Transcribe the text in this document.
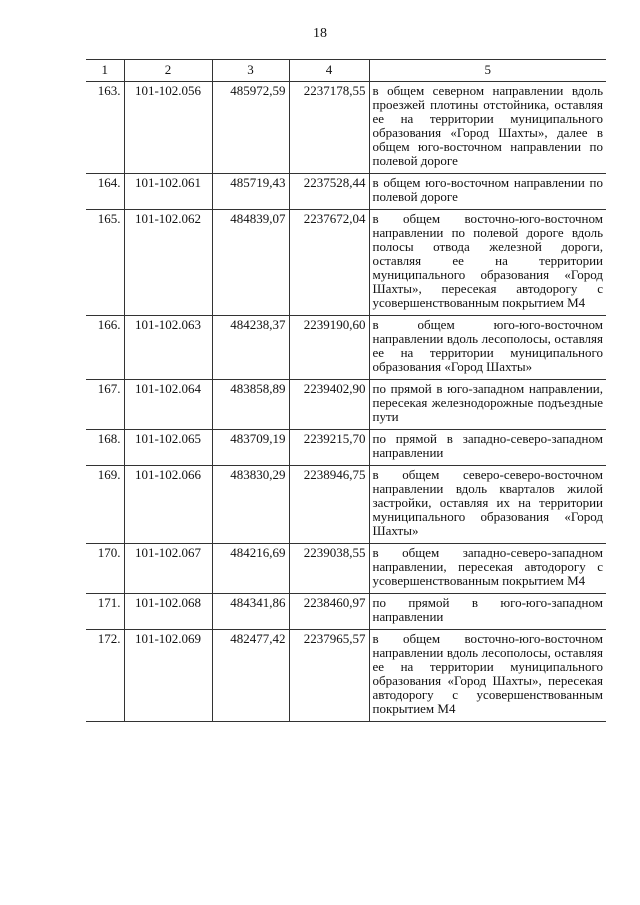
18
1	2	3	4	5
163.	101-102.056	485972,59	2237178,55	в общем северном направлении вдоль проезжей плотины отстойника, оставляя ее на территории муниципального образования «Город Шахты», далее в общем юго-восточном направлении по полевой дороге
164.	101-102.061	485719,43	2237528,44	в общем юго-восточном направлении по полевой дороге
165.	101-102.062	484839,07	2237672,04	в общем восточно-юго-восточном направлении по полевой дороге вдоль полосы отвода железной дороги, оставляя ее на территории муниципального образования «Город Шахты», пересекая автодорогу с усовершенствованным покрытием М4
166.	101-102.063	484238,37	2239190,60	в общем юго-юго-восточном направлении вдоль лесополосы, оставляя ее на территории муниципального образования «Город Шахты»
167.	101-102.064	483858,89	2239402,90	по прямой в юго-западном направлении, пересекая железнодорожные подъездные пути
168.	101-102.065	483709,19	2239215,70	по прямой в западно-северо-западном направлении
169.	101-102.066	483830,29	2238946,75	в общем северо-северо-восточном направлении вдоль кварталов жилой застройки, оставляя их на территории муниципального образования «Город Шахты»
170.	101-102.067	484216,69	2239038,55	в общем западно-северо-западном направлении, пересекая автодорогу с усовершенствованным покрытием М4
171.	101-102.068	484341,86	2238460,97	по прямой в юго-юго-западном направлении
172.	101-102.069	482477,42	2237965,57	в общем восточно-юго-восточном направлении вдоль лесополосы, оставляя ее на территории муниципального образования «Город Шахты», пересекая автодорогу с усовершенствованным покрытием М4
